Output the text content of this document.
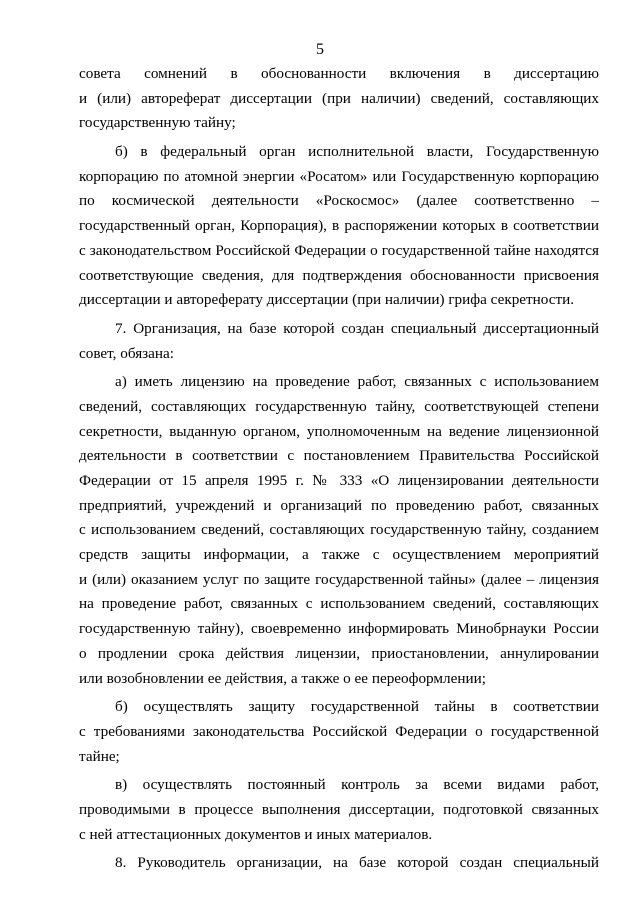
5
совета сомнений в обоснованности включения в диссертацию
и (или) автореферат диссертации (при наличии) сведений, составляющих
государственную тайну;
б) в федеральный орган исполнительной власти, Государственную
корпорацию по атомной энергии «Росатом» или Государственную корпорацию
по космической деятельности «Роскосмос» (далее соответственно –
государственный орган, Корпорация), в распоряжении которых в соответствии
с законодательством Российской Федерации о государственной тайне находятся
соответствующие сведения, для подтверждения обоснованности присвоения
диссертации и автореферату диссертации (при наличии) грифа секретности.
7. Организация, на базе которой создан специальный диссертационный
совет, обязана:
а) иметь лицензию на проведение работ, связанных с использованием
сведений, составляющих государственную тайну, соответствующей степени
секретности, выданную органом, уполномоченным на ведение лицензионной
деятельности в соответствии с постановлением Правительства Российской
Федерации от 15 апреля 1995 г. № 333 «О лицензировании деятельности
предприятий, учреждений и организаций по проведению работ, связанных
с использованием сведений, составляющих государственную тайну, созданием
средств защиты информации, а также с осуществлением мероприятий
и (или) оказанием услуг по защите государственной тайны» (далее – лицензия
на проведение работ, связанных с использованием сведений, составляющих
государственную тайну), своевременно информировать Минобрнауки России
о продлении срока действия лицензии, приостановлении, аннулировании
или возобновлении ее действия, а также о ее переоформлении;
б) осуществлять защиту государственной тайны в соответствии
с требованиями законодательства Российской Федерации о государственной
тайне;
в) осуществлять постоянный контроль за всеми видами работ,
проводимыми в процессе выполнения диссертации, подготовкой связанных
с ней аттестационных документов и иных материалов.
8. Руководитель организации, на базе которой создан специальный
